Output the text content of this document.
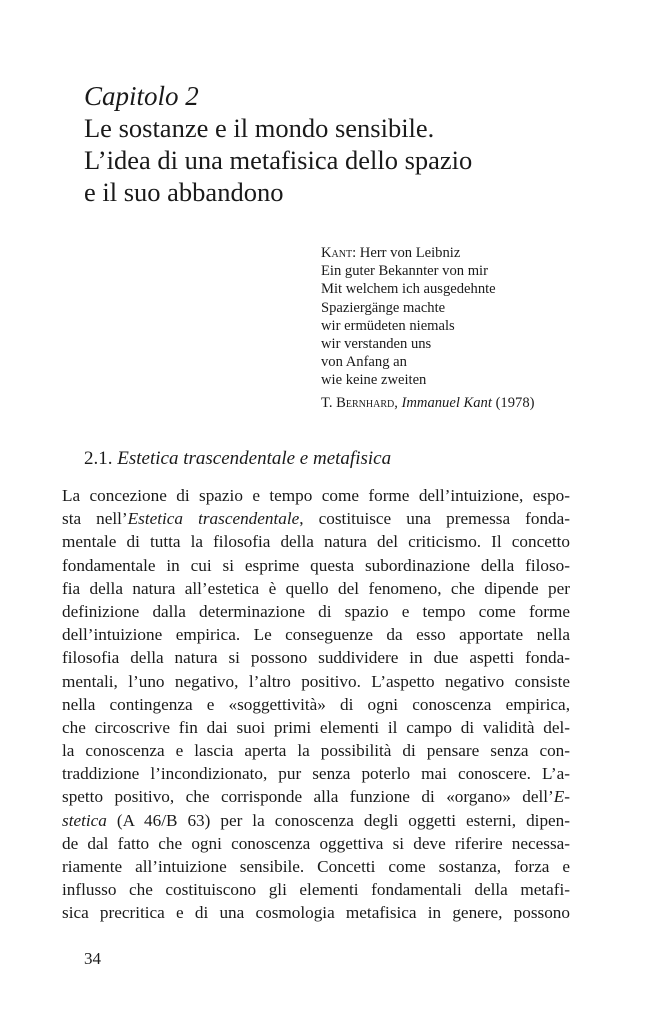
Capitolo 2
Le sostanze e il mondo sensibile.
L’idea di una metafisica dello spazio
e il suo abbandono
Kant: Herr von Leibniz
Ein guter Bekannter von mir
Mit welchem ich ausgedehnte
Spaziergänge machte
wir ermüdeten niemals
wir verstanden uns
von Anfang an
wie keine zweiten
T. Bernhard, Immanuel Kant (1978)
2.1. Estetica trascendentale e metafisica
La concezione di spazio e tempo come forme dell’intuizione, espo-
sta nell’Estetica trascendentale, costituisce una premessa fonda-
mentale di tutta la filosofia della natura del criticismo. Il concetto
fondamentale in cui si esprime questa subordinazione della filoso-
fia della natura all’estetica è quello del fenomeno, che dipende per
definizione dalla determinazione di spazio e tempo come forme
dell’intuizione empirica. Le conseguenze da esso apportate nella
filosofia della natura si possono suddividere in due aspetti fonda-
mentali, l’uno negativo, l’altro positivo. L’aspetto negativo consiste
nella contingenza e «soggettività» di ogni conoscenza empirica,
che circoscrive fin dai suoi primi elementi il campo di validità del-
la conoscenza e lascia aperta la possibilità di pensare senza con-
traddizione l’incondizionato, pur senza poterlo mai conoscere. L’a-
spetto positivo, che corrisponde alla funzione di «organo» dell’E-
stetica (A 46/B 63) per la conoscenza degli oggetti esterni, dipen-
de dal fatto che ogni conoscenza oggettiva si deve riferire necessa-
riamente all’intuizione sensibile. Concetti come sostanza, forza e
influsso che costituiscono gli elementi fondamentali della metafi-
sica precritica e di una cosmologia metafisica in genere, possono
34
